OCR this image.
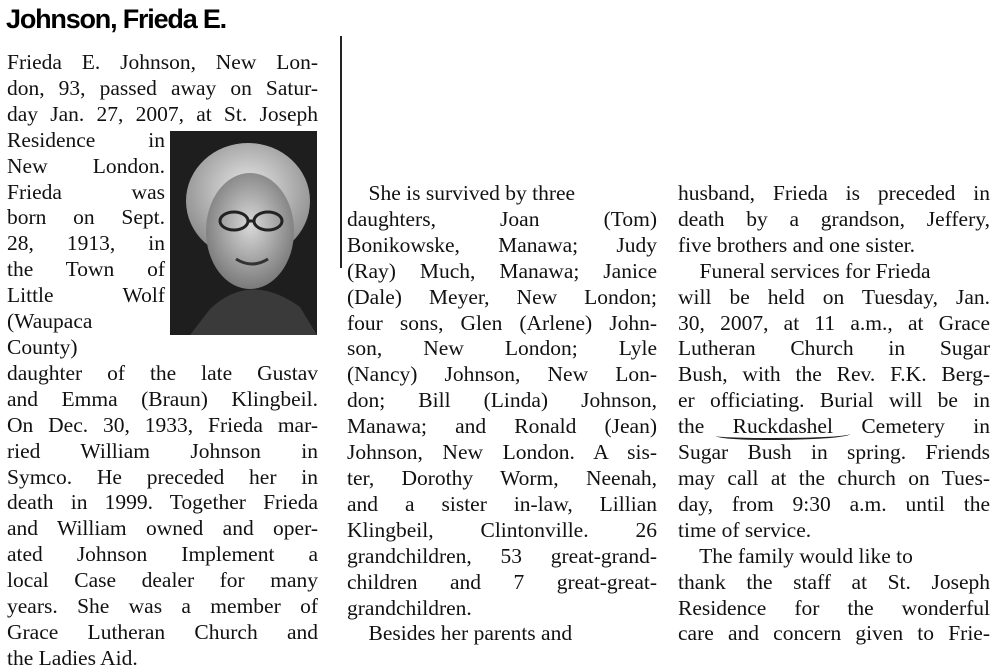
Johnson, Frieda E.
Frieda E. Johnson, New Lon-
don, 93, passed away on Satur-
day Jan. 27, 2007, at St. Joseph
Residence in
New London.
Frieda was
born on Sept.
28, 1913, in
the Town of
Little Wolf
(Waupaca
County)
daughter of the late Gustav
and Emma (Braun) Klingbeil.
On Dec. 30, 1933, Frieda mar-
ried William Johnson in
Symco. He preceded her in
death in 1999. Together Frieda
and William owned and oper-
ated Johnson Implement a
local Case dealer for many
years. She was a member of
Grace Lutheran Church and
the Ladies Aid.
She is survived by three
daughters, Joan (Tom)
Bonikowske, Manawa; Judy
(Ray) Much, Manawa; Janice
(Dale) Meyer, New London;
four sons, Glen (Arlene) John-
son, New London; Lyle
(Nancy) Johnson, New Lon-
don; Bill (Linda) Johnson,
Manawa; and Ronald (Jean)
Johnson, New London. A sis-
ter, Dorothy Worm, Neenah,
and a sister in-law, Lillian
Klingbeil, Clintonville. 26
grandchildren, 53 great-grand-
children and 7 great-great-
grandchildren.
Besides her parents and
husband, Frieda is preceded in
death by a grandson, Jeffery,
five brothers and one sister.
Funeral services for Frieda
will be held on Tuesday, Jan.
30, 2007, at 11 a.m., at Grace
Lutheran Church in Sugar
Bush, with the Rev. F.K. Berg-
er officiating. Burial will be in
the Ruckdashel Cemetery in
Sugar Bush in spring. Friends
may call at the church on Tues-
day, from 9:30 a.m. until the
time of service.
The family would like to
thank the staff at St. Joseph
Residence for the wonderful
care and concern given to Frie-
